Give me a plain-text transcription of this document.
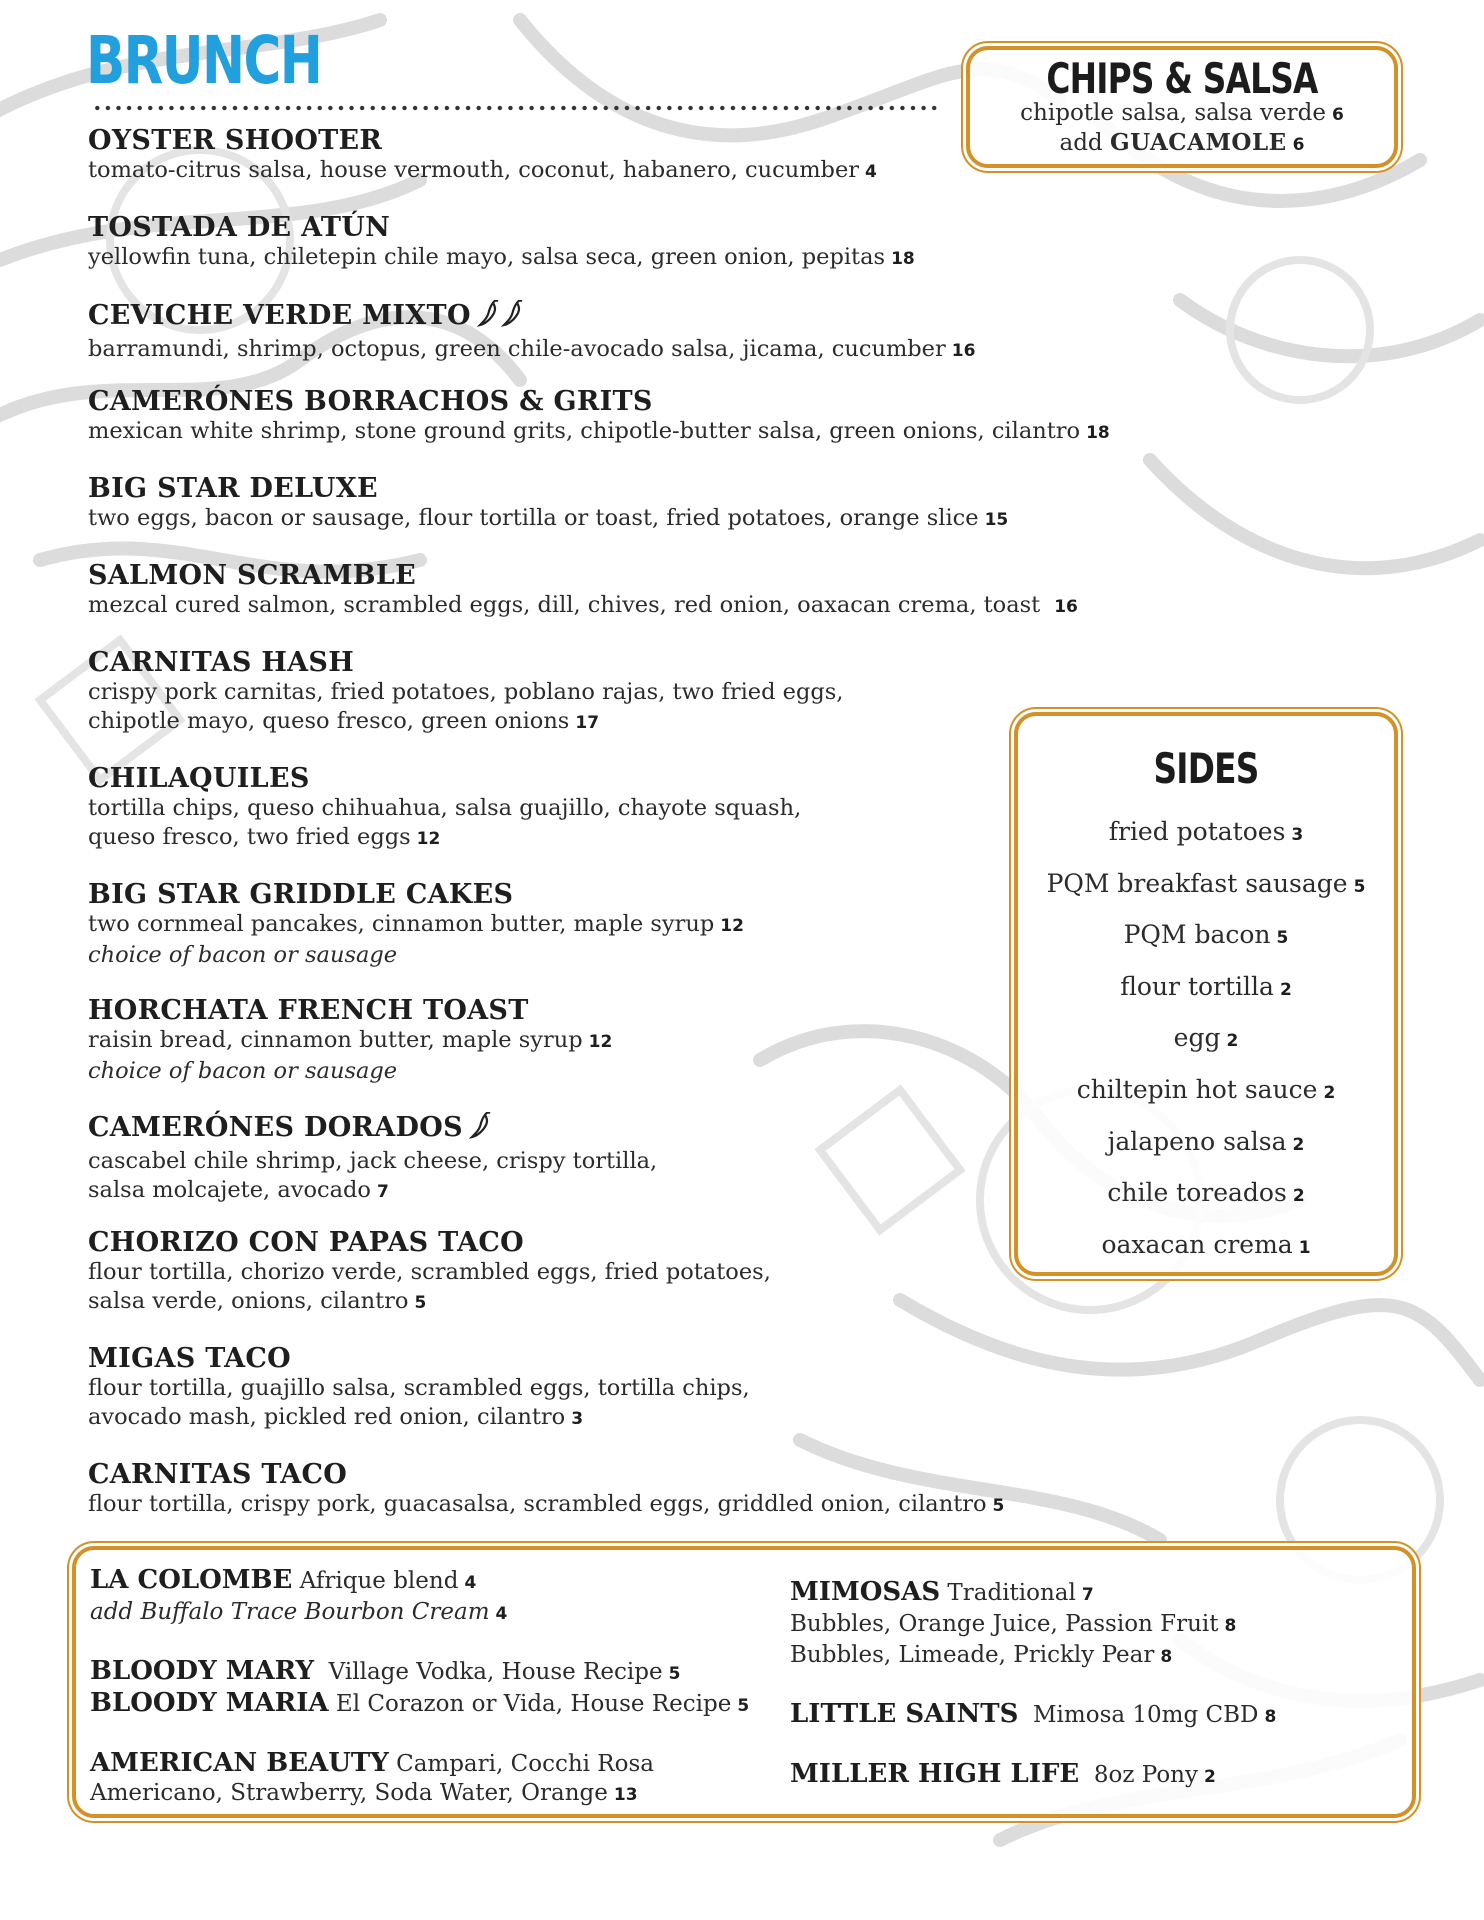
BRUNCH
OYSTER SHOOTER
tomato-citrus salsa, house vermouth, coconut, habanero, cucumber 4
TOSTADA DE ATÚN
yellowfin tuna, chiletepin chile mayo, salsa seca, green onion, pepitas 18
CEVICHE VERDE MIXTO
barramundi, shrimp, octopus, green chile-avocado salsa, jicama, cucumber 16
CAMERÓNES BORRACHOS & GRITS
mexican white shrimp, stone ground grits, chipotle-butter salsa, green onions, cilantro 18
BIG STAR DELUXE
two eggs, bacon or sausage, flour tortilla or toast, fried potatoes, orange slice 15
SALMON SCRAMBLE
mezcal cured salmon, scrambled eggs, dill, chives, red onion, oaxacan crema, toast 16
CARNITAS HASH
crispy pork carnitas, fried potatoes, poblano rajas, two fried eggs,
chipotle mayo, queso fresco, green onions 17
CHILAQUILES
tortilla chips, queso chihuahua, salsa guajillo, chayote squash,
queso fresco, two fried eggs 12
BIG STAR GRIDDLE CAKES
two cornmeal pancakes, cinnamon butter, maple syrup 12
choice of bacon or sausage
HORCHATA FRENCH TOAST
raisin bread, cinnamon butter, maple syrup 12
choice of bacon or sausage
CAMERÓNES DORADOS
cascabel chile shrimp, jack cheese, crispy tortilla,
salsa molcajete, avocado 7
CHORIZO CON PAPAS TACO
flour tortilla, chorizo verde, scrambled eggs, fried potatoes,
salsa verde, onions, cilantro 5
MIGAS TACO
flour tortilla, guajillo salsa, scrambled eggs, tortilla chips,
avocado mash, pickled red onion, cilantro 3
CARNITAS TACO
flour tortilla, crispy pork, guacasalsa, scrambled eggs, griddled onion, cilantro 5
CHIPS & SALSA
chipotle salsa, salsa verde 6
add GUACAMOLE 6
SIDES
fried potatoes 3
PQM breakfast sausage 5
PQM bacon 5
flour tortilla 2
egg 2
chiltepin hot sauce 2
jalapeno salsa 2
chile toreados 2
oaxacan crema 1
LA COLOMBE Afrique blend 4
add Buffalo Trace Bourbon Cream 4
BLOODY MARY Village Vodka, House Recipe 5
BLOODY MARIA El Corazon or Vida, House Recipe 5
AMERICAN BEAUTY Campari, Cocchi Rosa
Americano, Strawberry, Soda Water, Orange 13
MIMOSAS Traditional 7
Bubbles, Orange Juice, Passion Fruit 8
Bubbles, Limeade, Prickly Pear 8
LITTLE SAINTS Mimosa 10mg CBD 8
MILLER HIGH LIFE 8oz Pony 2
